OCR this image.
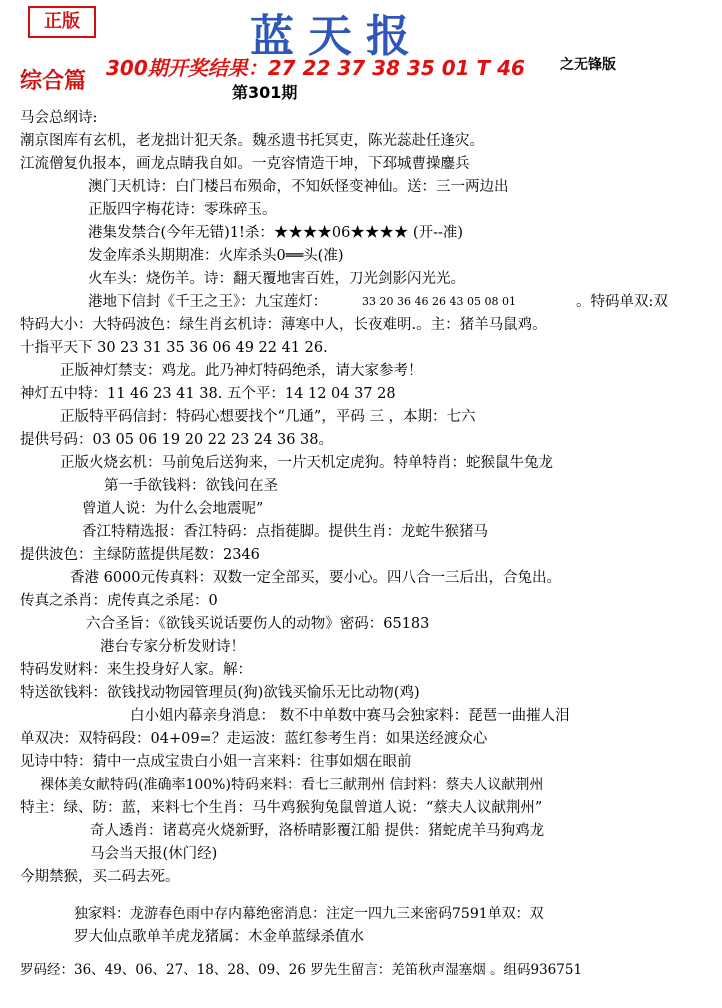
正版	蓝天报
300期开奖结果：27 22 37 38 35 01 T 46	之无锋版
综合篇	第301期
马会总纲诗:
潮京图库有玄机，老龙拙计犯天条。魏丞遗书托冥吏，陈光蕊赴任逢灾。
江流僧复仇报本，画龙点睛我自如。一克容情造干坤，下邳城曹操鏖兵
澳门天机诗：白门楼吕布殒命，不知妖怪变神仙。送：三一两边出
正版四字梅花诗：零珠碎玉。
港集发禁合(今年无错)1!杀：★★★★06★★★★ (开--准)
发金库杀头期期准：火库杀头0══头(准)
火车头：烧伤羊。诗：翻天覆地害百姓，刀光剑影闪光光。
港地下信封《千王之王》：九宝莲灯：	33 20 36 46 26 43 05 08 01	。特码单双:双
特码大小：大特码波色：绿生肖玄机诗：薄寒中人，长夜难明.。主：猪羊马鼠鸡。
十指平天下 30 23 31 35 36 06 49 22 41 26.
正版神灯禁支：鸡龙。此乃神灯特码绝杀，请大家参考！
神灯五中特：11 46 23 41 38. 五个平：14 12 04 37 28
正版特平码信封：特码心想要找个“几通”，平码 三 ，本期：七六
提供号码：03 05 06 19 20 22 23 24 36 38。
正版火烧玄机：马前兔后送狗来，一片天机定虎狗。特单特肖：蛇猴鼠牛兔龙
第一手欲钱料：欲钱问在圣
曾道人说：为什么会地震呢”
香江特精选报：香江特码：点指蓰脚。提供生肖：龙蛇牛猴猪马
提供波色：主绿防蓝提供尾数：2346
香港 6000元传真料：双数一定全部买，要小心。四八合一三后出，合兔出。
传真之杀肖：虎传真之杀尾：0
六合圣旨：《欲钱买说话要伤人的动物》密码：65183
港台专家分析发财诗！
特码发财料：来生投身好人家。解：
特送欲钱料：欲钱找动物园管理员(狗)欲钱买愉乐无比动物(鸡)
白小姐内幕亲身消息： 数不中单数中赛马会独家料：琵琶一曲摧人泪
单双决：双特码段：04+09=？走运波：蓝红参考生肖：如果送经渡众心
见诗中特：猜中一点成宝贵白小姐一言来料：往事如烟在眼前
裸体美女献特码(准确率100%)特码来料：看七三献荆州 信封料：蔡夫人议献荆州
特主：绿、防：蓝，来料七个生肖：马牛鸡猴狗兔鼠曾道人说：“蔡夫人议献荆州”
奇人透肖：诸葛亮火烧新野，洛桥晴影覆江船 提供：猪蛇虎羊马狗鸡龙
马会当天报(休门经)
今期禁猴，买二码去死。
独家料：龙游春色雨中存内幕绝密消息：注定一四九三来密码7591单双：双
罗大仙点歌单羊虎龙猪属：木金单蓝绿杀值水
罗码经：36、49、06、27、18、28、09、26 罗先生留言：羌笛秋声湿塞烟 。组码936751
